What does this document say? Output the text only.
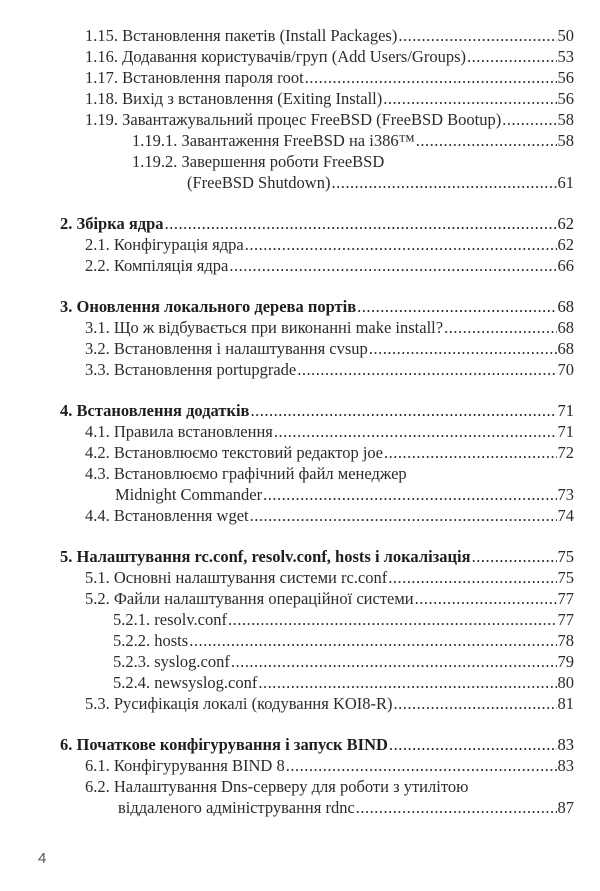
1.15. Встановлення пакетів (Install Packages) .....	50
1.16. Додавання користувачів/груп (Add Users/Groups) .....	53
1.17. Встановлення пароля root .....	56
1.18. Вихід з встановлення (Exiting Install) .....	56
1.19. Завантажувальний процес FreeBSD (FreeBSD Bootup) .....	58
1.19.1. Завантаження FreeBSD на i386™ .....	58
1.19.2. Завершення роботи FreeBSD
(FreeBSD Shutdown) .....	61
2. Збірка ядра .....	62
2.1. Конфігурація ядра .....	62
2.2. Компіляція ядра .....	66
3. Оновлення локального дерева портів .....	68
3.1. Що ж відбувається при виконанні make install? .....	68
3.2. Встановлення і налаштування cvsup .....	68
3.3. Встановлення portupgrade .....	70
4. Встановлення додатків .....	71
4.1. Правила встановлення .....	71
4.2. Встановлюємо текстовий редактор joe .....	72
4.3. Встановлюємо графічний файл менеджер
Midnight Commander .....	73
4.4. Встановлення wget .....	74
5. Налаштування rc.conf, resolv.conf, hosts і локалізація .....	75
5.1. Основні налаштування системи rc.conf .....	75
5.2. Файли налаштування операційної системи .....	77
5.2.1. resolv.conf .....	77
5.2.2. hosts .....	78
5.2.3. syslog.conf .....	79
5.2.4. newsyslog.conf .....	80
5.3. Русифікація локалі (кодування KOI8-R) .....	81
6. Початкове конфігурування і запуск BIND .....	83
6.1. Конфігурування BIND 8 .....	83
6.2. Налаштування Dns-серверу для роботи з утилітою
віддаленого адміністрування rdnc .....	87
4
